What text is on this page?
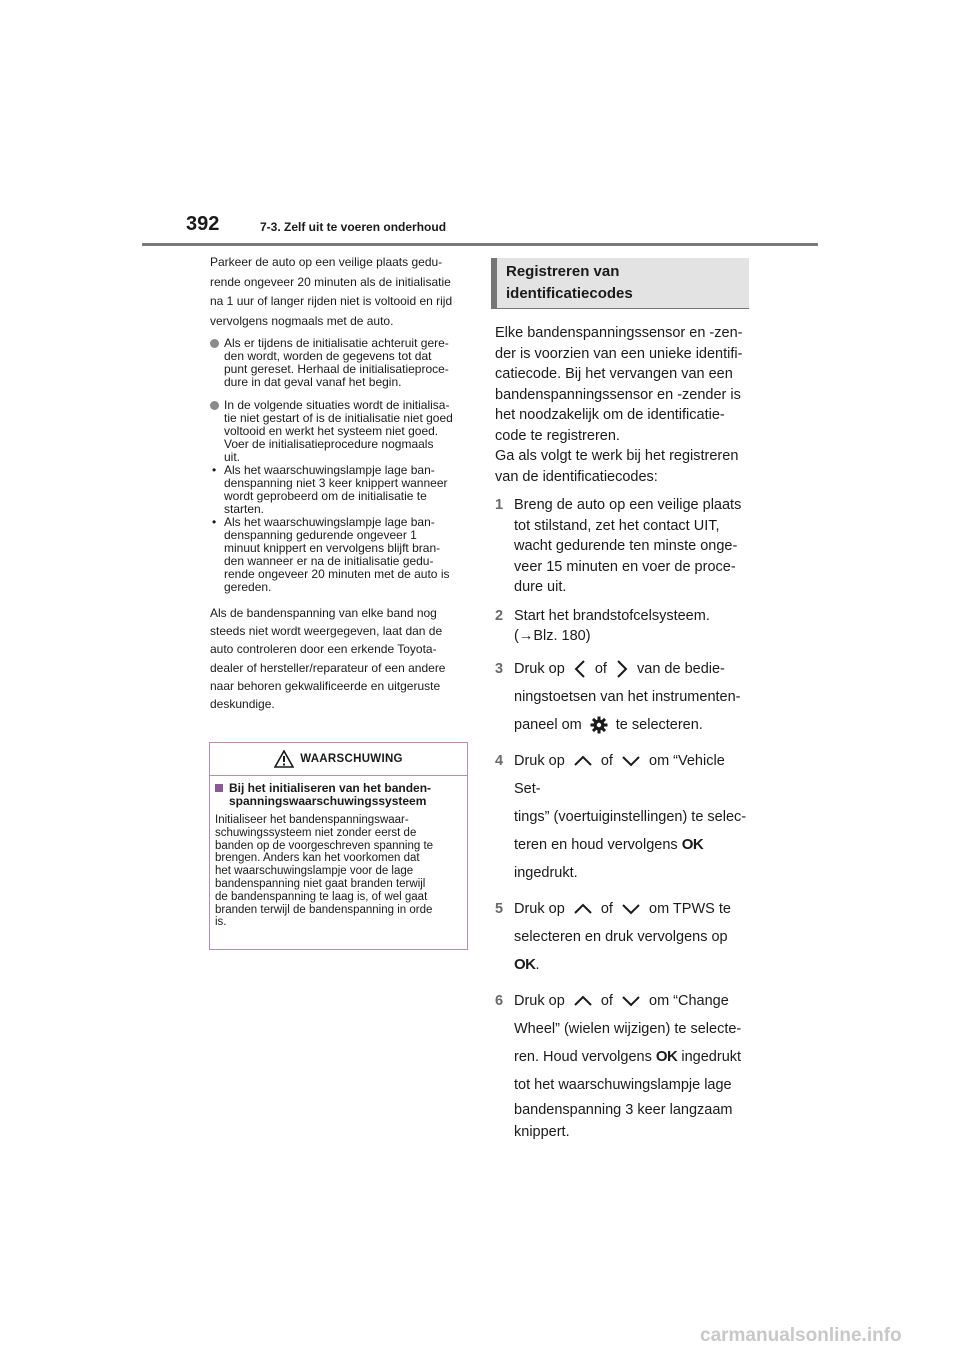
392	7-3. Zelf uit te voeren onderhoud
Parkeer de auto op een veilige plaats gedu-
rende ongeveer 20 minuten als de initialisatie
na 1 uur of langer rijden niet is voltooid en rijd
vervolgens nogmaals met de auto.
Als er tijdens de initialisatie achteruit gere-
den wordt, worden de gegevens tot dat
punt gereset. Herhaal de initialisatieproce-
dure in dat geval vanaf het begin.
In de volgende situaties wordt de initialisa-
tie niet gestart of is de initialisatie niet goed
voltooid en werkt het systeem niet goed.
Voer de initialisatieprocedure nogmaals
uit.
• Als het waarschuwingslampje lage ban-
denspanning niet 3 keer knippert wanneer
wordt geprobeerd om de initialisatie te
starten.
• Als het waarschuwingslampje lage ban-
denspanning gedurende ongeveer 1
minuut knippert en vervolgens blijft bran-
den wanneer er na de initialisatie gedu-
rende ongeveer 20 minuten met de auto is
gereden.
Als de bandenspanning van elke band nog
steeds niet wordt weergegeven, laat dan de
auto controleren door een erkende Toyota-
dealer of hersteller/reparateur of een andere
naar behoren gekwalificeerde en uitgeruste
deskundige.
WAARSCHUWING
Bij het initialiseren van het banden-
spanningswaarschuwingssysteem
Initialiseer het bandenspanningswaar-
schuwingssysteem niet zonder eerst de
banden op de voorgeschreven spanning te
brengen. Anders kan het voorkomen dat
het waarschuwingslampje voor de lage
bandenspanning niet gaat branden terwijl
de bandenspanning te laag is, of wel gaat
branden terwijl de bandenspanning in orde
is.
Registreren van
identificatiecodes
Elke bandenspanningssensor en -zen-
der is voorzien van een unieke identifi-
catiecode. Bij het vervangen van een
bandenspanningssensor en -zender is
het noodzakelijk om de identificatie-
code te registreren.
Ga als volgt te werk bij het registreren
van de identificatiecodes:
1 Breng de auto op een veilige plaats
tot stilstand, zet het contact UIT,
wacht gedurende ten minste onge-
veer 15 minuten en voer de proce-
dure uit.
2 Start het brandstofcelsysteem.
(→Blz. 180)
3 Druk op of van de bedie-
ningstoetsen van het instrumenten-
paneel om te selecteren.
4 Druk op of om “Vehicle Set-
tings” (voertuiginstellingen) te selec-
teren en houd vervolgens OK
ingedrukt.
5 Druk op of om TPWS te
selecteren en druk vervolgens op
OK.
6 Druk op of om “Change
Wheel” (wielen wijzigen) te selecte-
ren. Houd vervolgens OK ingedrukt
tot het waarschuwingslampje lage
bandenspanning 3 keer langzaam
knippert.
carmanualsonline.info
